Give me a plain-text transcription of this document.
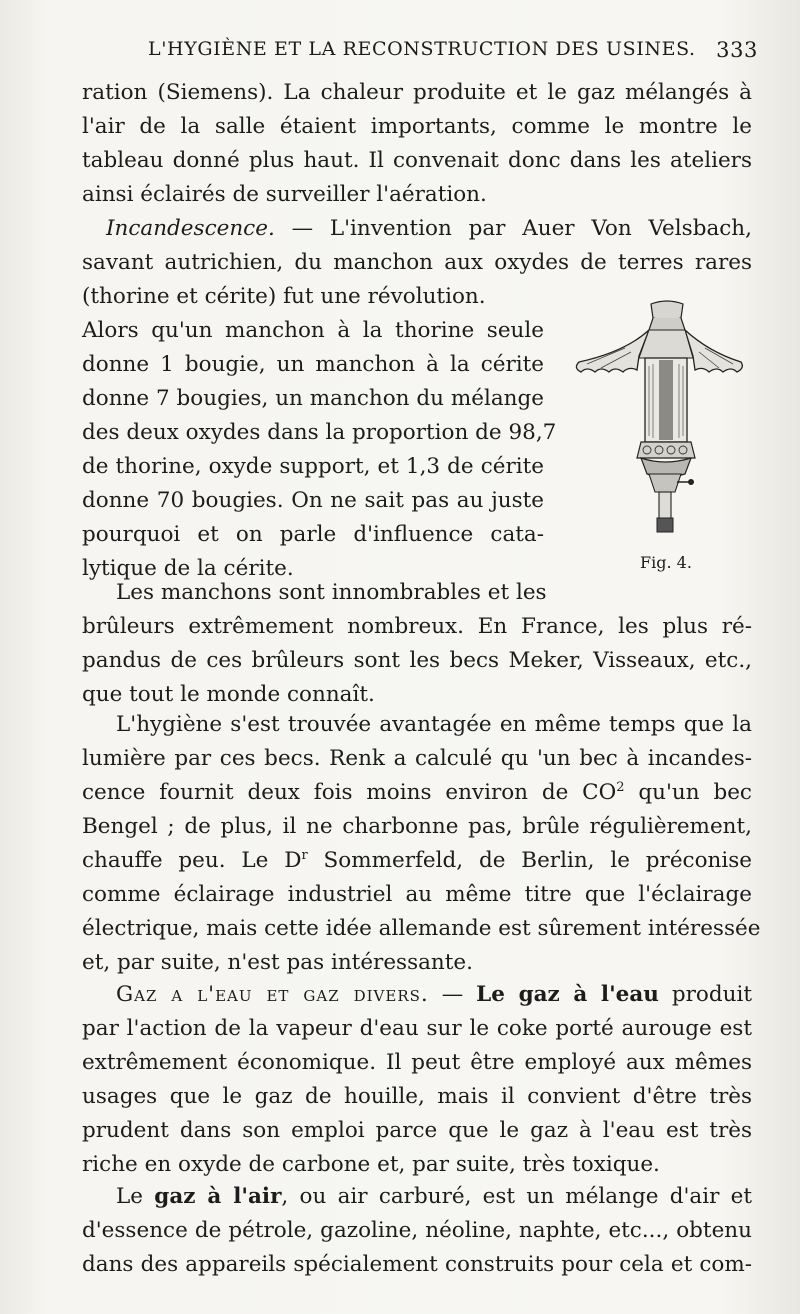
L'HYGIÈNE ET LA RECONSTRUCTION DES USINES. 333
ration (Siemens). La chaleur produite et le gaz mélangés à
l'air de la salle étaient importants, comme le montre le
tableau donné plus haut. Il convenait donc dans les ateliers
ainsi éclairés de surveiller l'aération.
Incandescence. — L'invention par Auer Von Velsbach,
savant autrichien, du manchon aux oxydes de terres rares
(thorine et cérite) fut une révolution.
Alors qu'un manchon à la thorine seule
donne 1 bougie, un manchon à la cérite
donne 7 bougies, un manchon du mélange
des deux oxydes dans la proportion de 98,7
de thorine, oxyde support, et 1,3 de cérite
donne 70 bougies. On ne sait pas au juste
pourquoi et on parle d'influence cata-
lytique de la cérite.	Fig. 4.
Les manchons sont innombrables et les
brûleurs extrêmement nombreux. En France, les plus ré-
pandus de ces brûleurs sont les becs Meker, Visseaux, etc.,
que tout le monde connaît.
L'hygiène s'est trouvée avantagée en même temps que la
lumière par ces becs. Renk a calculé qu 'un bec à incandes-
cence fournit deux fois moins environ de $CO^2$ qu'un bec
Bengel ; de plus, il ne charbonne pas, brûle régulièrement,
chauffe peu. Le $D^r$ Sommerfeld, de Berlin, le préconise
comme éclairage industriel au même titre que l'éclairage
électrique, mais cette idée allemande est sûrement intéressée
et, par suite, n'est pas intéressante.
Gaz a l'eau et gaz divers. — Le gaz à l'eau produit
par l'action de la vapeur d'eau sur le coke porté aurouge est
extrêmement économique. Il peut être employé aux mêmes
usages que le gaz de houille, mais il convient d'être très
prudent dans son emploi parce que le gaz à l'eau est très
riche en oxyde de carbone et, par suite, très toxique.
Le gaz à l'air, ou air carburé, est un mélange d'air et
d'essence de pétrole, gazoline, néoline, naphte, etc..., obtenu
dans des appareils spécialement construits pour cela et com-
